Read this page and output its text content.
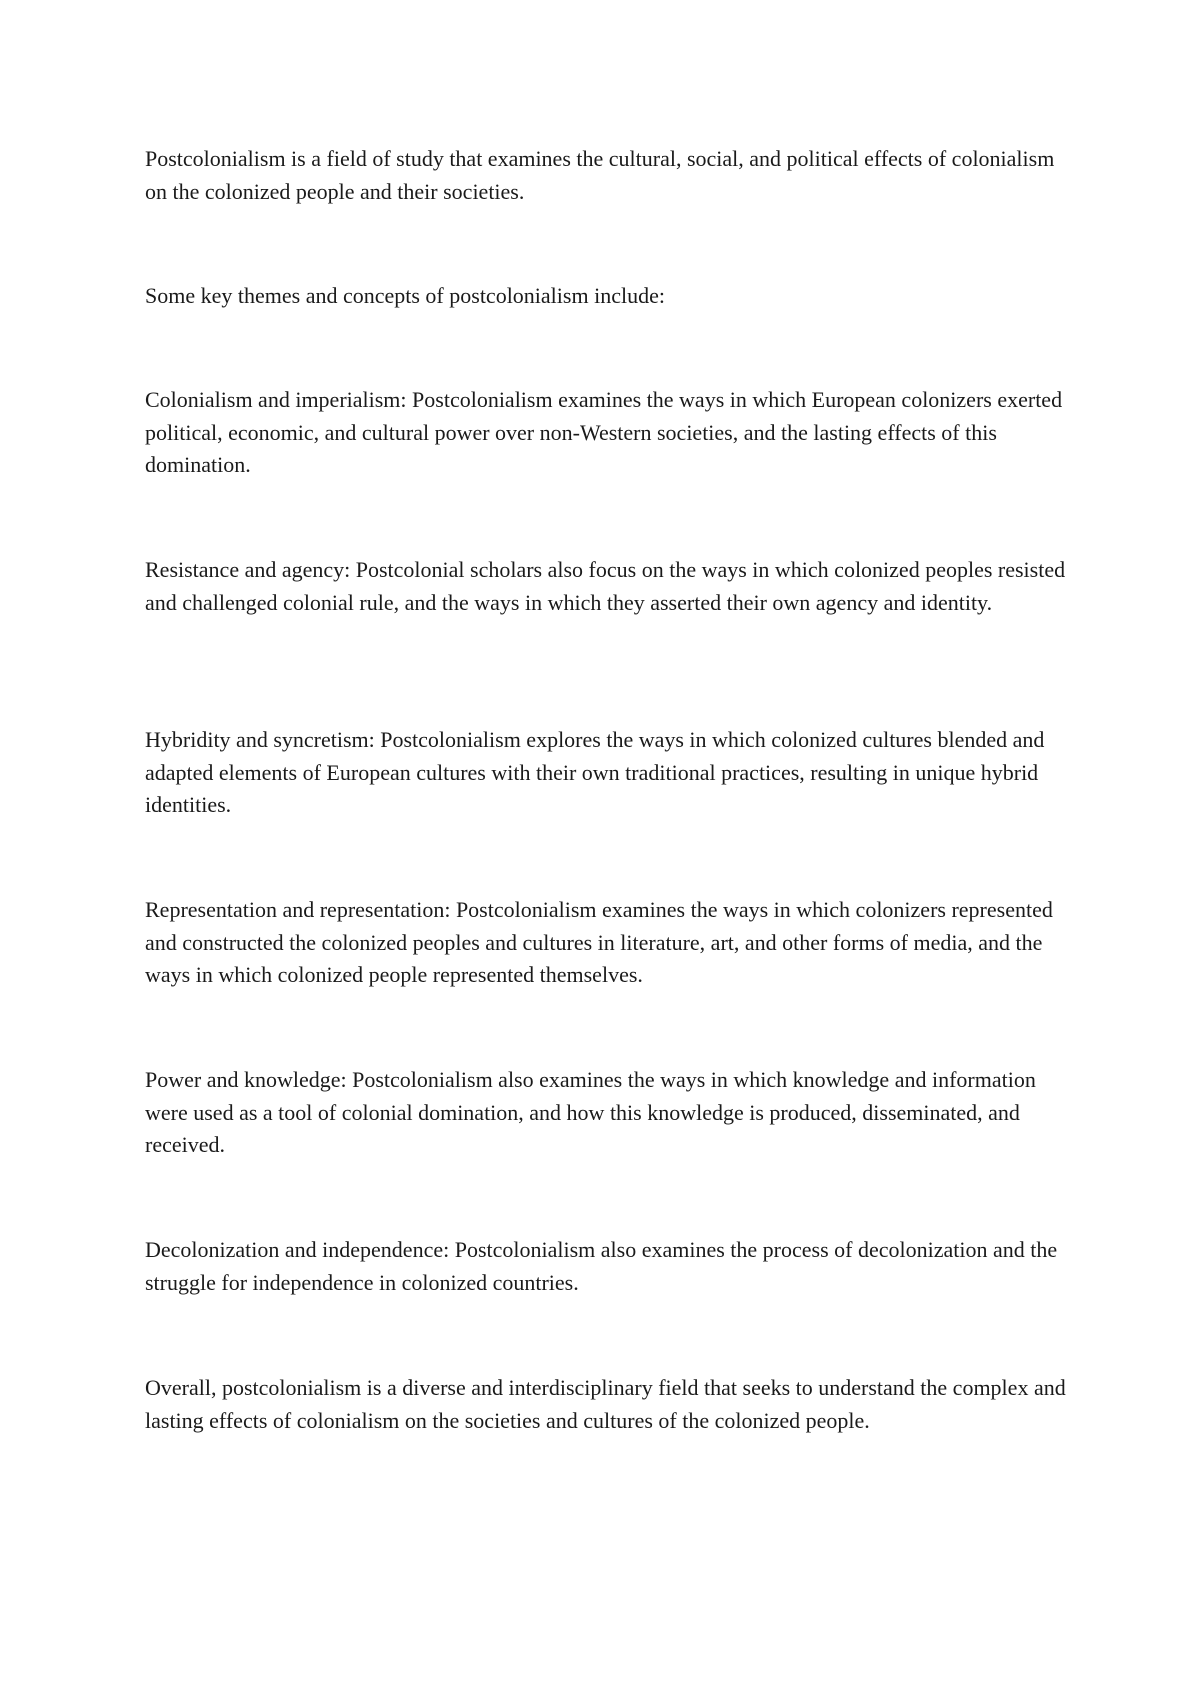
Postcolonialism is a field of study that examines the cultural, social, and political effects of colonialism on the colonized people and their societies.

Some key themes and concepts of postcolonialism include:

Colonialism and imperialism: Postcolonialism examines the ways in which European colonizers exerted political, economic, and cultural power over non-Western societies, and the lasting effects of this domination.

Resistance and agency: Postcolonial scholars also focus on the ways in which colonized peoples resisted and challenged colonial rule, and the ways in which they asserted their own agency and identity.

Hybridity and syncretism: Postcolonialism explores the ways in which colonized cultures blended and adapted elements of European cultures with their own traditional practices, resulting in unique hybrid identities.

Representation and representation: Postcolonialism examines the ways in which colonizers represented and constructed the colonized peoples and cultures in literature, art, and other forms of media, and the ways in which colonized people represented themselves.

Power and knowledge: Postcolonialism also examines the ways in which knowledge and information were used as a tool of colonial domination, and how this knowledge is produced, disseminated, and received.

Decolonization and independence: Postcolonialism also examines the process of decolonization and the struggle for independence in colonized countries.

Overall, postcolonialism is a diverse and interdisciplinary field that seeks to understand the complex and lasting effects of colonialism on the societies and cultures of the colonized people.
